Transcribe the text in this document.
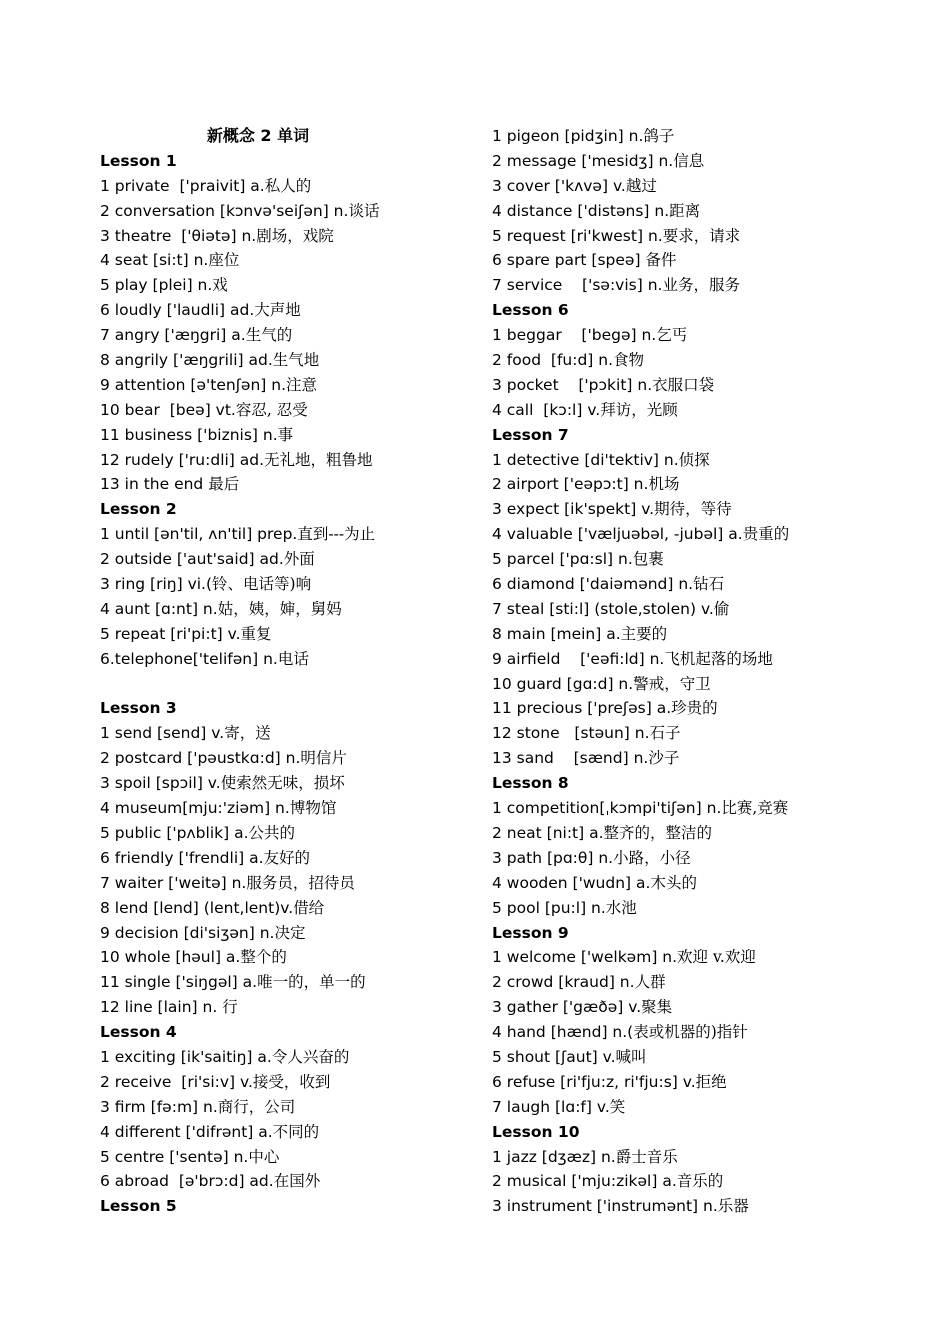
新概念 2 单词
Lesson 1
1 private  ['praivit] a.私人的
2 conversation [kɔnvə'seiʃən] n.谈话
3 theatre  ['θiətə] n.剧场，戏院
4 seat [si:t] n.座位
5 play [plei] n.戏
6 loudly ['laudli] ad.大声地
7 angry ['æŋgri] a.生气的
8 angrily ['æŋgrili] ad.生气地
9 attention [ə'tenʃən] n.注意
10 bear  [beə] vt.容忍, 忍受
11 business ['biznis] n.事
12 rudely ['ru:dli] ad.无礼地，粗鲁地
13 in the end 最后
Lesson 2
1 until [ən'til, ʌn'til] prep.直到---为止
2 outside ['aut'said] ad.外面
3 ring [riŋ] vi.(铃、电话等)响
4 aunt [ɑ:nt] n.姑，姨，婶，舅妈
5 repeat [ri'pi:t] v.重复
6.telephone['telifən] n.电话

Lesson 3
1 send [send] v.寄，送
2 postcard ['pəustkɑ:d] n.明信片
3 spoil [spɔil] v.使索然无味，损坏
4 museum[mju:'ziəm] n.博物馆
5 public ['pʌblik] a.公共的
6 friendly ['frendli] a.友好的
7 waiter ['weitə] n.服务员，招待员
8 lend [lend] (lent,lent)v.借给
9 decision [di'siʒən] n.决定
10 whole [həul] a.整个的
11 single ['siŋgəl] a.唯一的，单一的
12 line [lain] n. 行
Lesson 4
1 exciting [ik'saitiŋ] a.令人兴奋的
2 receive  [ri'si:v] v.接受，收到
3 firm [fə:m] n.商行，公司
4 different ['difrənt] a.不同的
5 centre ['sentə] n.中心
6 abroad  [ə'brɔ:d] ad.在国外
Lesson 5
1 pigeon [pidʒin] n.鸽子
2 message ['mesidʒ] n.信息
3 cover ['kʌvə] v.越过
4 distance ['distəns] n.距离
5 request [ri'kwest] n.要求，请求
6 spare part [speə] 备件
7 service    ['sə:vis] n.业务，服务
Lesson 6
1 beggar    ['begə] n.乞丐
2 food  [fu:d] n.食物
3 pocket    ['pɔkit] n.衣服口袋
4 call  [kɔ:l] v.拜访，光顾
Lesson 7
1 detective [di'tektiv] n.侦探
2 airport ['eəpɔ:t] n.机场
3 expect [ik'spekt] v.期待，等待
4 valuable ['væljuəbəl, -jubəl] a.贵重的
5 parcel ['pɑ:sl] n.包裹
6 diamond ['daiəmənd] n.钻石
7 steal [sti:l] (stole,stolen) v.偷
8 main [mein] a.主要的
9 airfield    ['eəfi:ld] n.飞机起落的场地
10 guard [gɑ:d] n.警戒，守卫
11 precious ['preʃəs] a.珍贵的
12 stone   [stəun] n.石子
13 sand    [sænd] n.沙子
Lesson 8
1 competition[ˌkɔmpi'tiʃən] n.比赛,竞赛
2 neat [ni:t] a.整齐的，整洁的
3 path [pɑ:θ] n.小路，小径
4 wooden ['wudn] a.木头的
5 pool [pu:l] n.水池
Lesson 9
1 welcome ['welkəm] n.欢迎 v.欢迎
2 crowd [kraud] n.人群
3 gather ['gæðə] v.聚集
4 hand [hænd] n.(表或机器的)指针
5 shout [ʃaut] v.喊叫
6 refuse [ri'fju:z, ri'fju:s] v.拒绝
7 laugh [lɑ:f] v.笑
Lesson 10
1 jazz [dʒæz] n.爵士音乐
2 musical ['mju:zikəl] a.音乐的
3 instrument ['instrumənt] n.乐器
